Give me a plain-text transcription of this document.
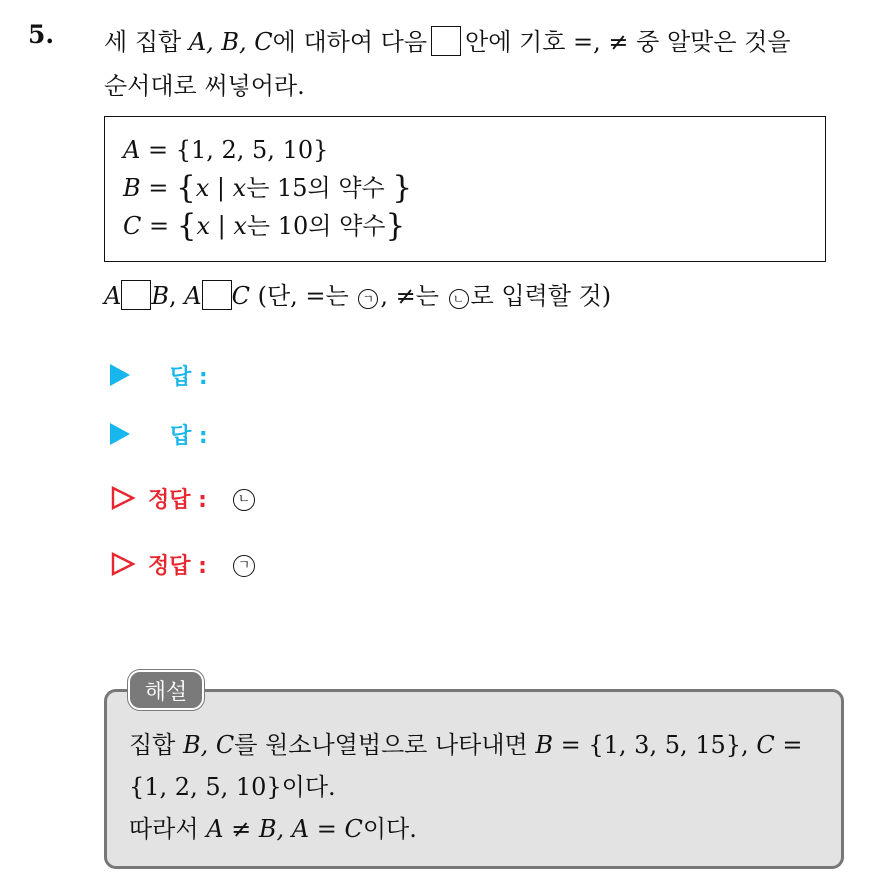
5. 세 집합 A, B, C에 대하여 다음 안에 기호 =, ≠ 중 알맞은 것을
순서대로 써넣어라.
A = {1, 2, 5, 10}
B = {x | x는 15의 약수 }
C = {x | x는 10의 약수}
A B, A C (단, =는 ㄱ , ≠는 ㄴ 로 입력할 것)
답 :
답 :
정답 :	ㄴ
정답 :	ㄱ
해설
집합 B, C를 원소나열법으로 나타내면 B = {1, 3, 5, 15}, C =
{1, 2, 5, 10}이다.
따라서 A ≠ B, A = C이다.
